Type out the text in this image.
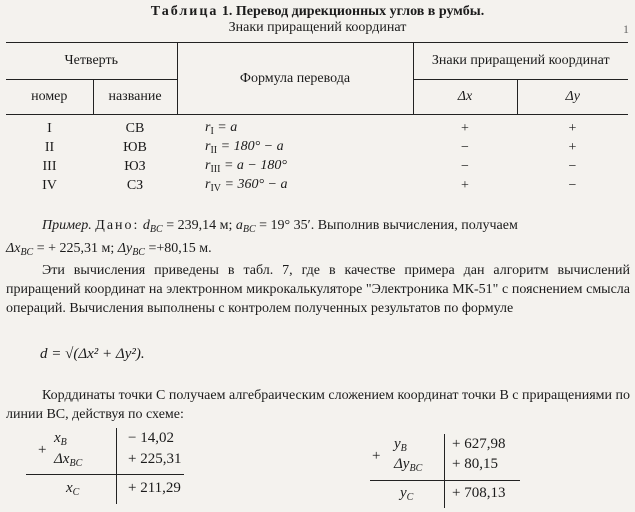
Таблица 1. Перевод дирекционных углов в румбы.
Знаки приращений координат	1
Четверть		Формула перевода	Знаки приращений координат	
номер	название		Δx	Δy
I	СВ	$r_I = a$	+	+
II	ЮВ	$r_{II} = 180^\circ - a$	−	+
III	ЮЗ	$r_{III} = a - 180^\circ$	−	−
IV	СЗ	$r_{IV} = 360^\circ - a$	+	−
Пример. Дано: $d_{BC} = 239,14$ м; $a_{BC} = 19^\circ$ 35′. Выполнив вычисления, получаем
$\Delta x_{BC}$ = + 225,31 м; $\Delta y_{BC} =+80,15$ м.
Эти вычисления приведены в табл. 7, где в качестве примера дан алгоритм вычислений приращений координат на электронном микрокалькуляторе "Электроника МК-51" с пояснением смысла операций. Вычисления выполнены с контролем полученных результатов по формуле
d = √(Δx² + Δy²).
Корддинаты точки C получаем алгебраическим сложением координат точки B с приращениями по линии BC, действуя по схеме:
+
$x_B$	− 14,02
$\Delta x_{BC}$	+ 225,31
$x_C$	+ 211,29
+
$y_B$	+ 627,98
$\Delta y_{BC} + 80,15$
$y_C$	+ 708,13
